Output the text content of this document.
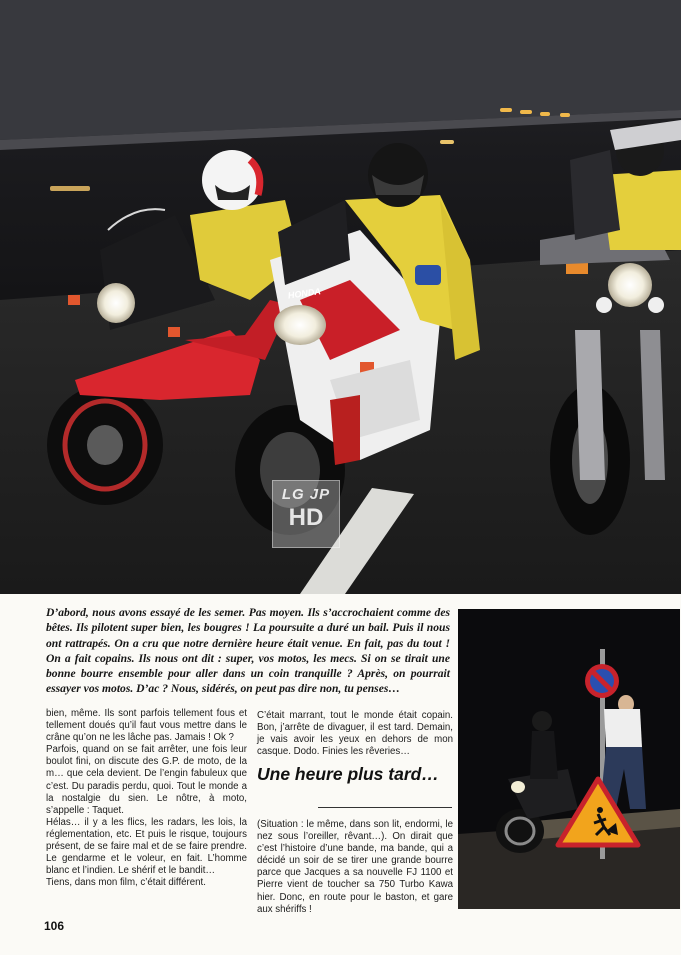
HONDA
LG JP
HD
D’abord, nous avons essayé de les semer. Pas moyen. Ils s’accrochaient comme des bêtes. Ils pilotent super bien, les bougres ! La poursuite a duré un bail. Puis il nous ont rattrapés. On a cru que notre dernière heure était venue. En fait, pas du tout ! On a fait copains. Ils nous ont dit : super, vos motos, les mecs. Si on se tirait une bonne bourre ensemble pour aller dans un coin tranquille ? Après, on pourrait essayer vos motos. D’ac ? Nous, sidérés, on peut pas dire non, tu penses…

bien, même. Ils sont parfois tellement fous et tellement doués qu’il faut vous mettre dans le crâne qu’on ne les lâche pas. Jamais ! Ok ?

Parfois, quand on se fait arrêter, une fois leur boulot fini, on discute des G.P. de moto, de la m… que cela devient. De l’engin fabuleux que c’est. Du paradis perdu, quoi. Tout le monde a la nostalgie du sien. Le nôtre, à moto, s’appelle : Taquet.

Hélas… il y a les flics, les radars, les lois, la réglementation, etc. Et puis le risque, toujours présent, de se faire mal et de se faire prendre. Le gendarme et le voleur, en fait. L’homme blanc et l’indien. Le shérif et le bandit…

Tiens, dans mon film, c’était différent.

C’était marrant, tout le monde était copain. Bon, j’arrête de divaguer, il est tard. Demain, je vais avoir les yeux en dehors de mon casque. Dodo. Finies les rêveries…

Une heure plus tard…

(Situation : le même, dans son lit, endormi, le nez sous l’oreiller, rêvant…). On dirait que c’est l’histoire d’une bande, ma bande, qui a décidé un soir de se tirer une grande bourre parce que Jacques a sa nouvelle FJ 1100 et Pierre vient de toucher sa 750 Turbo Kawa hier. Donc, en route pour le baston, et gare aux shériffs !

106
